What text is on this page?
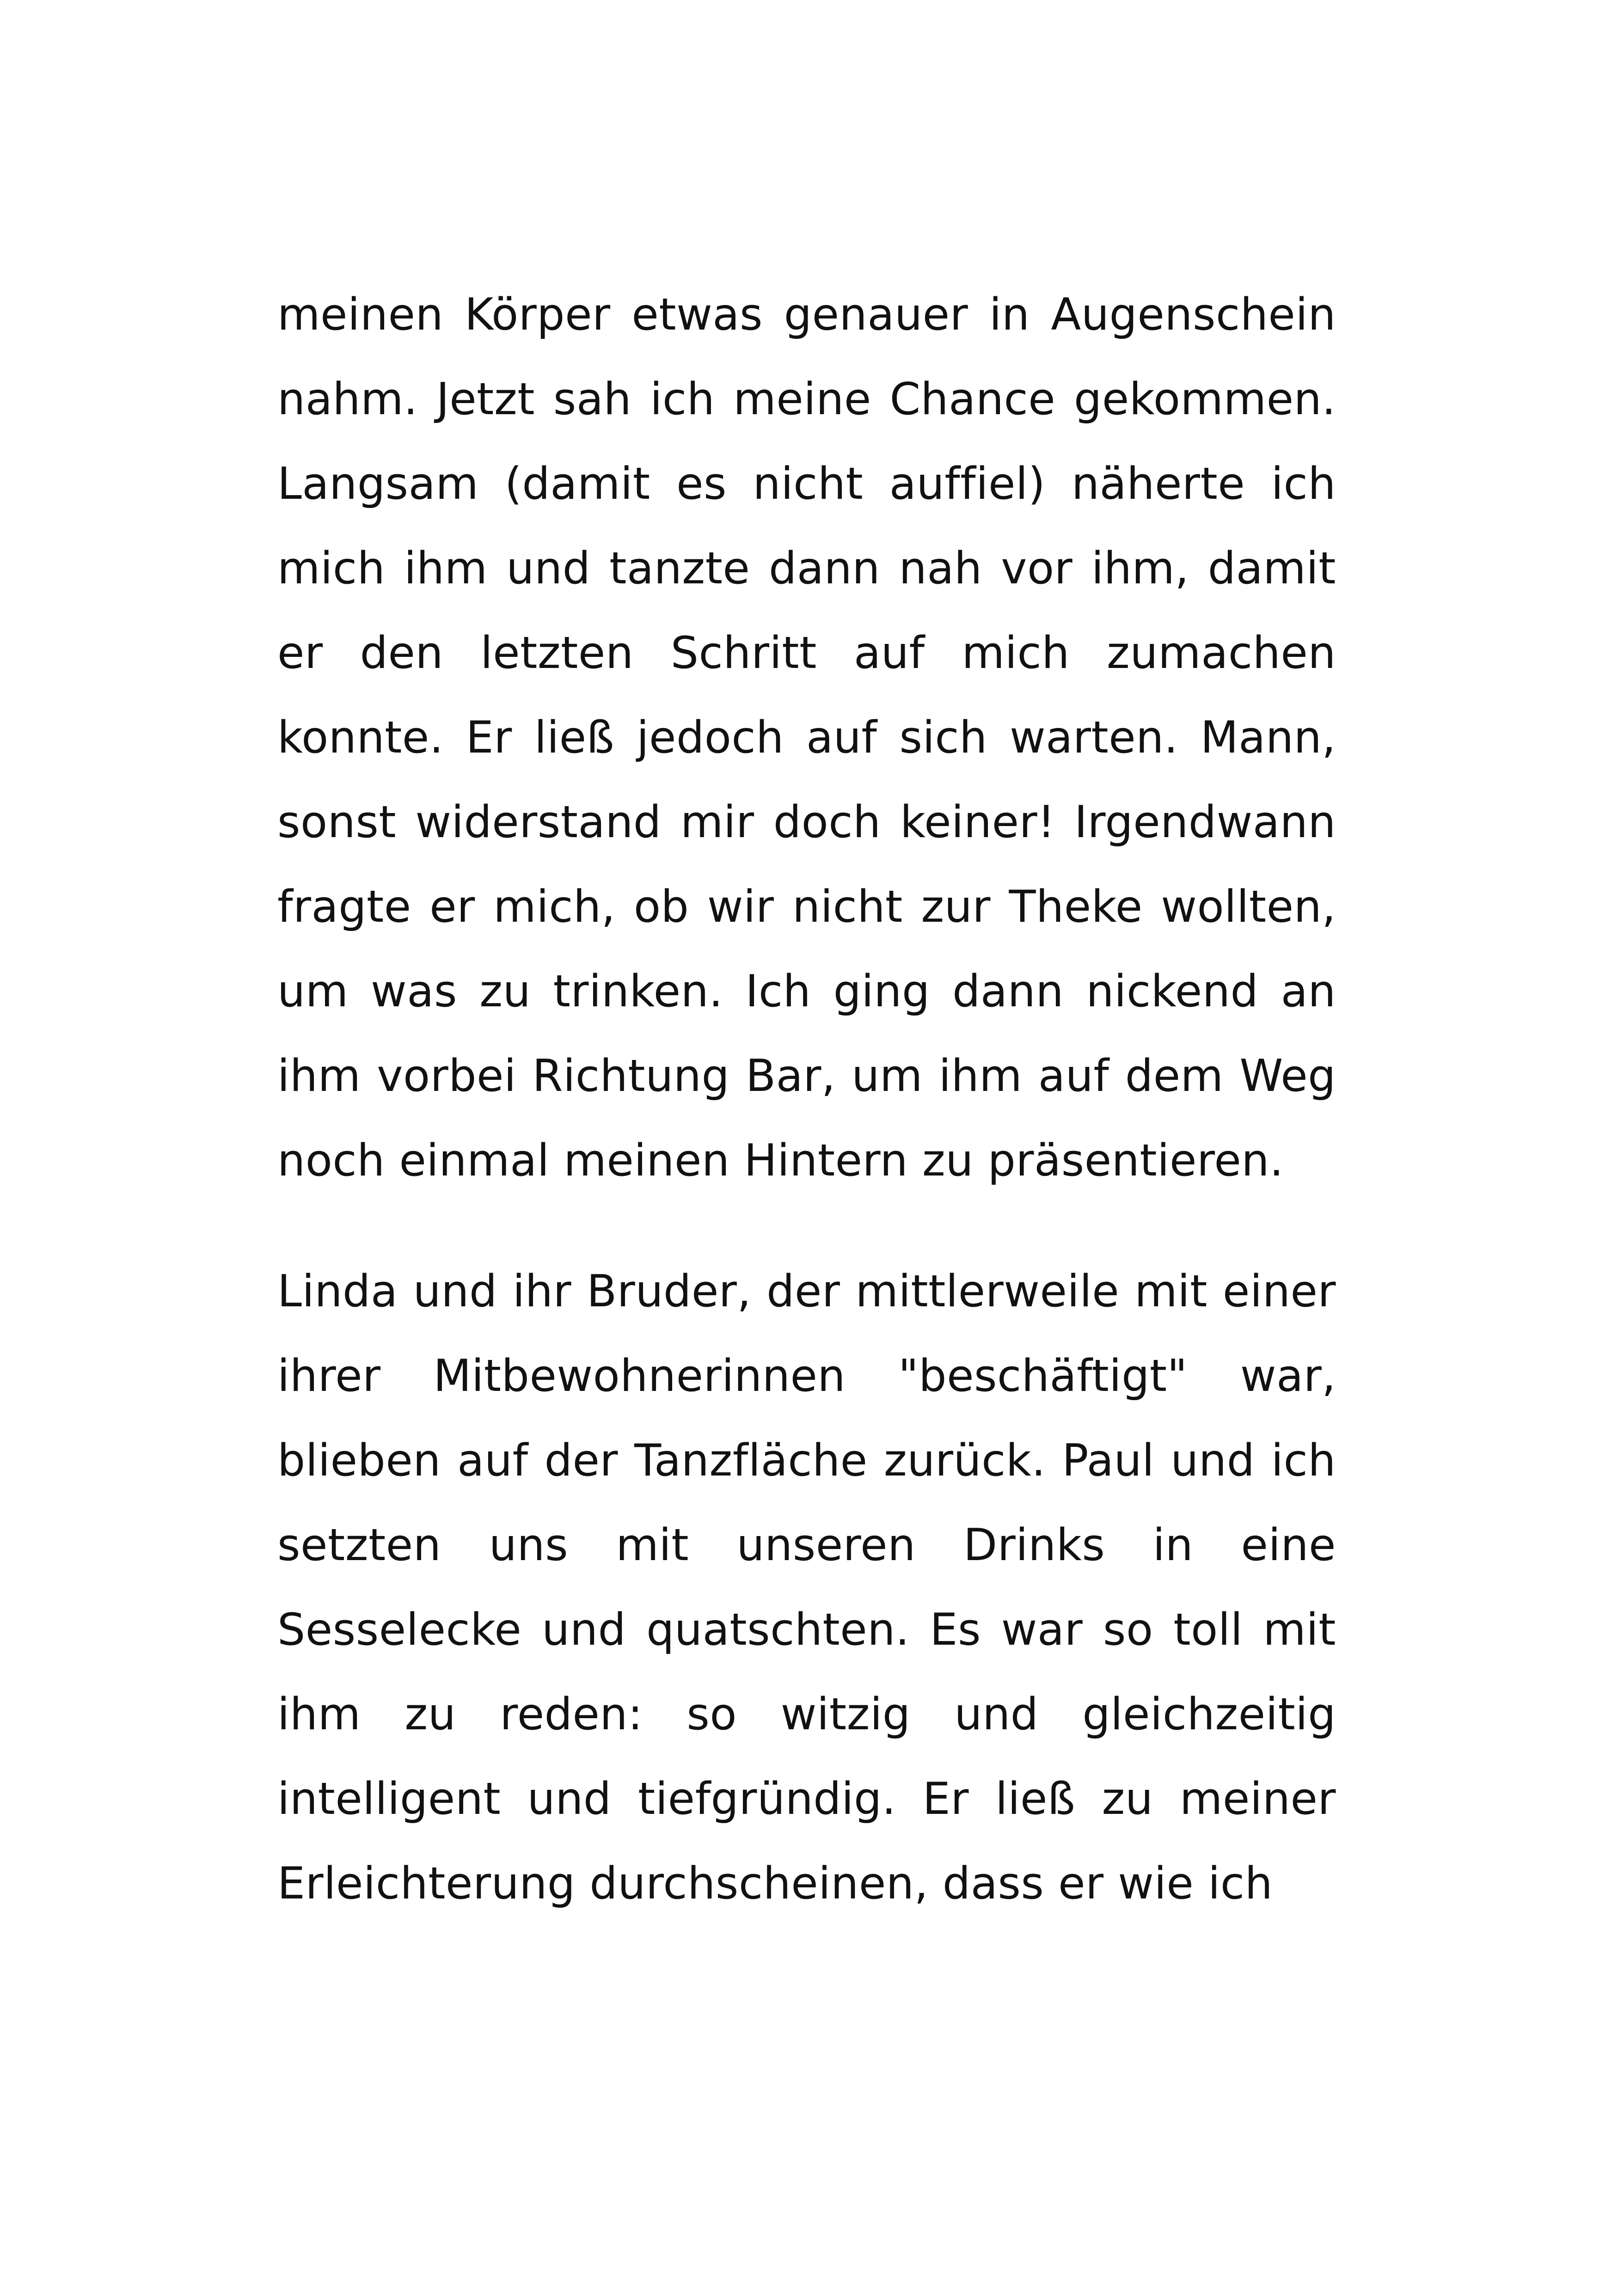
meinen Körper etwas genauer in Augenschein nahm. Jetzt sah ich meine Chance gekommen. Langsam (damit es nicht auffiel) näherte ich mich ihm und tanzte dann nah vor ihm, damit er den letzten Schritt auf mich zumachen konnte. Er ließ jedoch auf sich warten. Mann, sonst widerstand mir doch keiner! Irgendwann fragte er mich, ob wir nicht zur Theke wollten, um was zu trinken. Ich ging dann nickend an ihm vorbei Richtung Bar, um ihm auf dem Weg noch einmal meinen Hintern zu präsentieren.

Linda und ihr Bruder, der mittlerweile mit einer ihrer Mitbewohnerinnen "beschäftigt" war, blieben auf der Tanzfläche zurück. Paul und ich setzten uns mit unseren Drinks in eine Sesselecke und quatschten. Es war so toll mit ihm zu reden: so witzig und gleichzeitig intelligent und tiefgründig. Er ließ zu meiner Erleichterung durchscheinen, dass er wie ich
